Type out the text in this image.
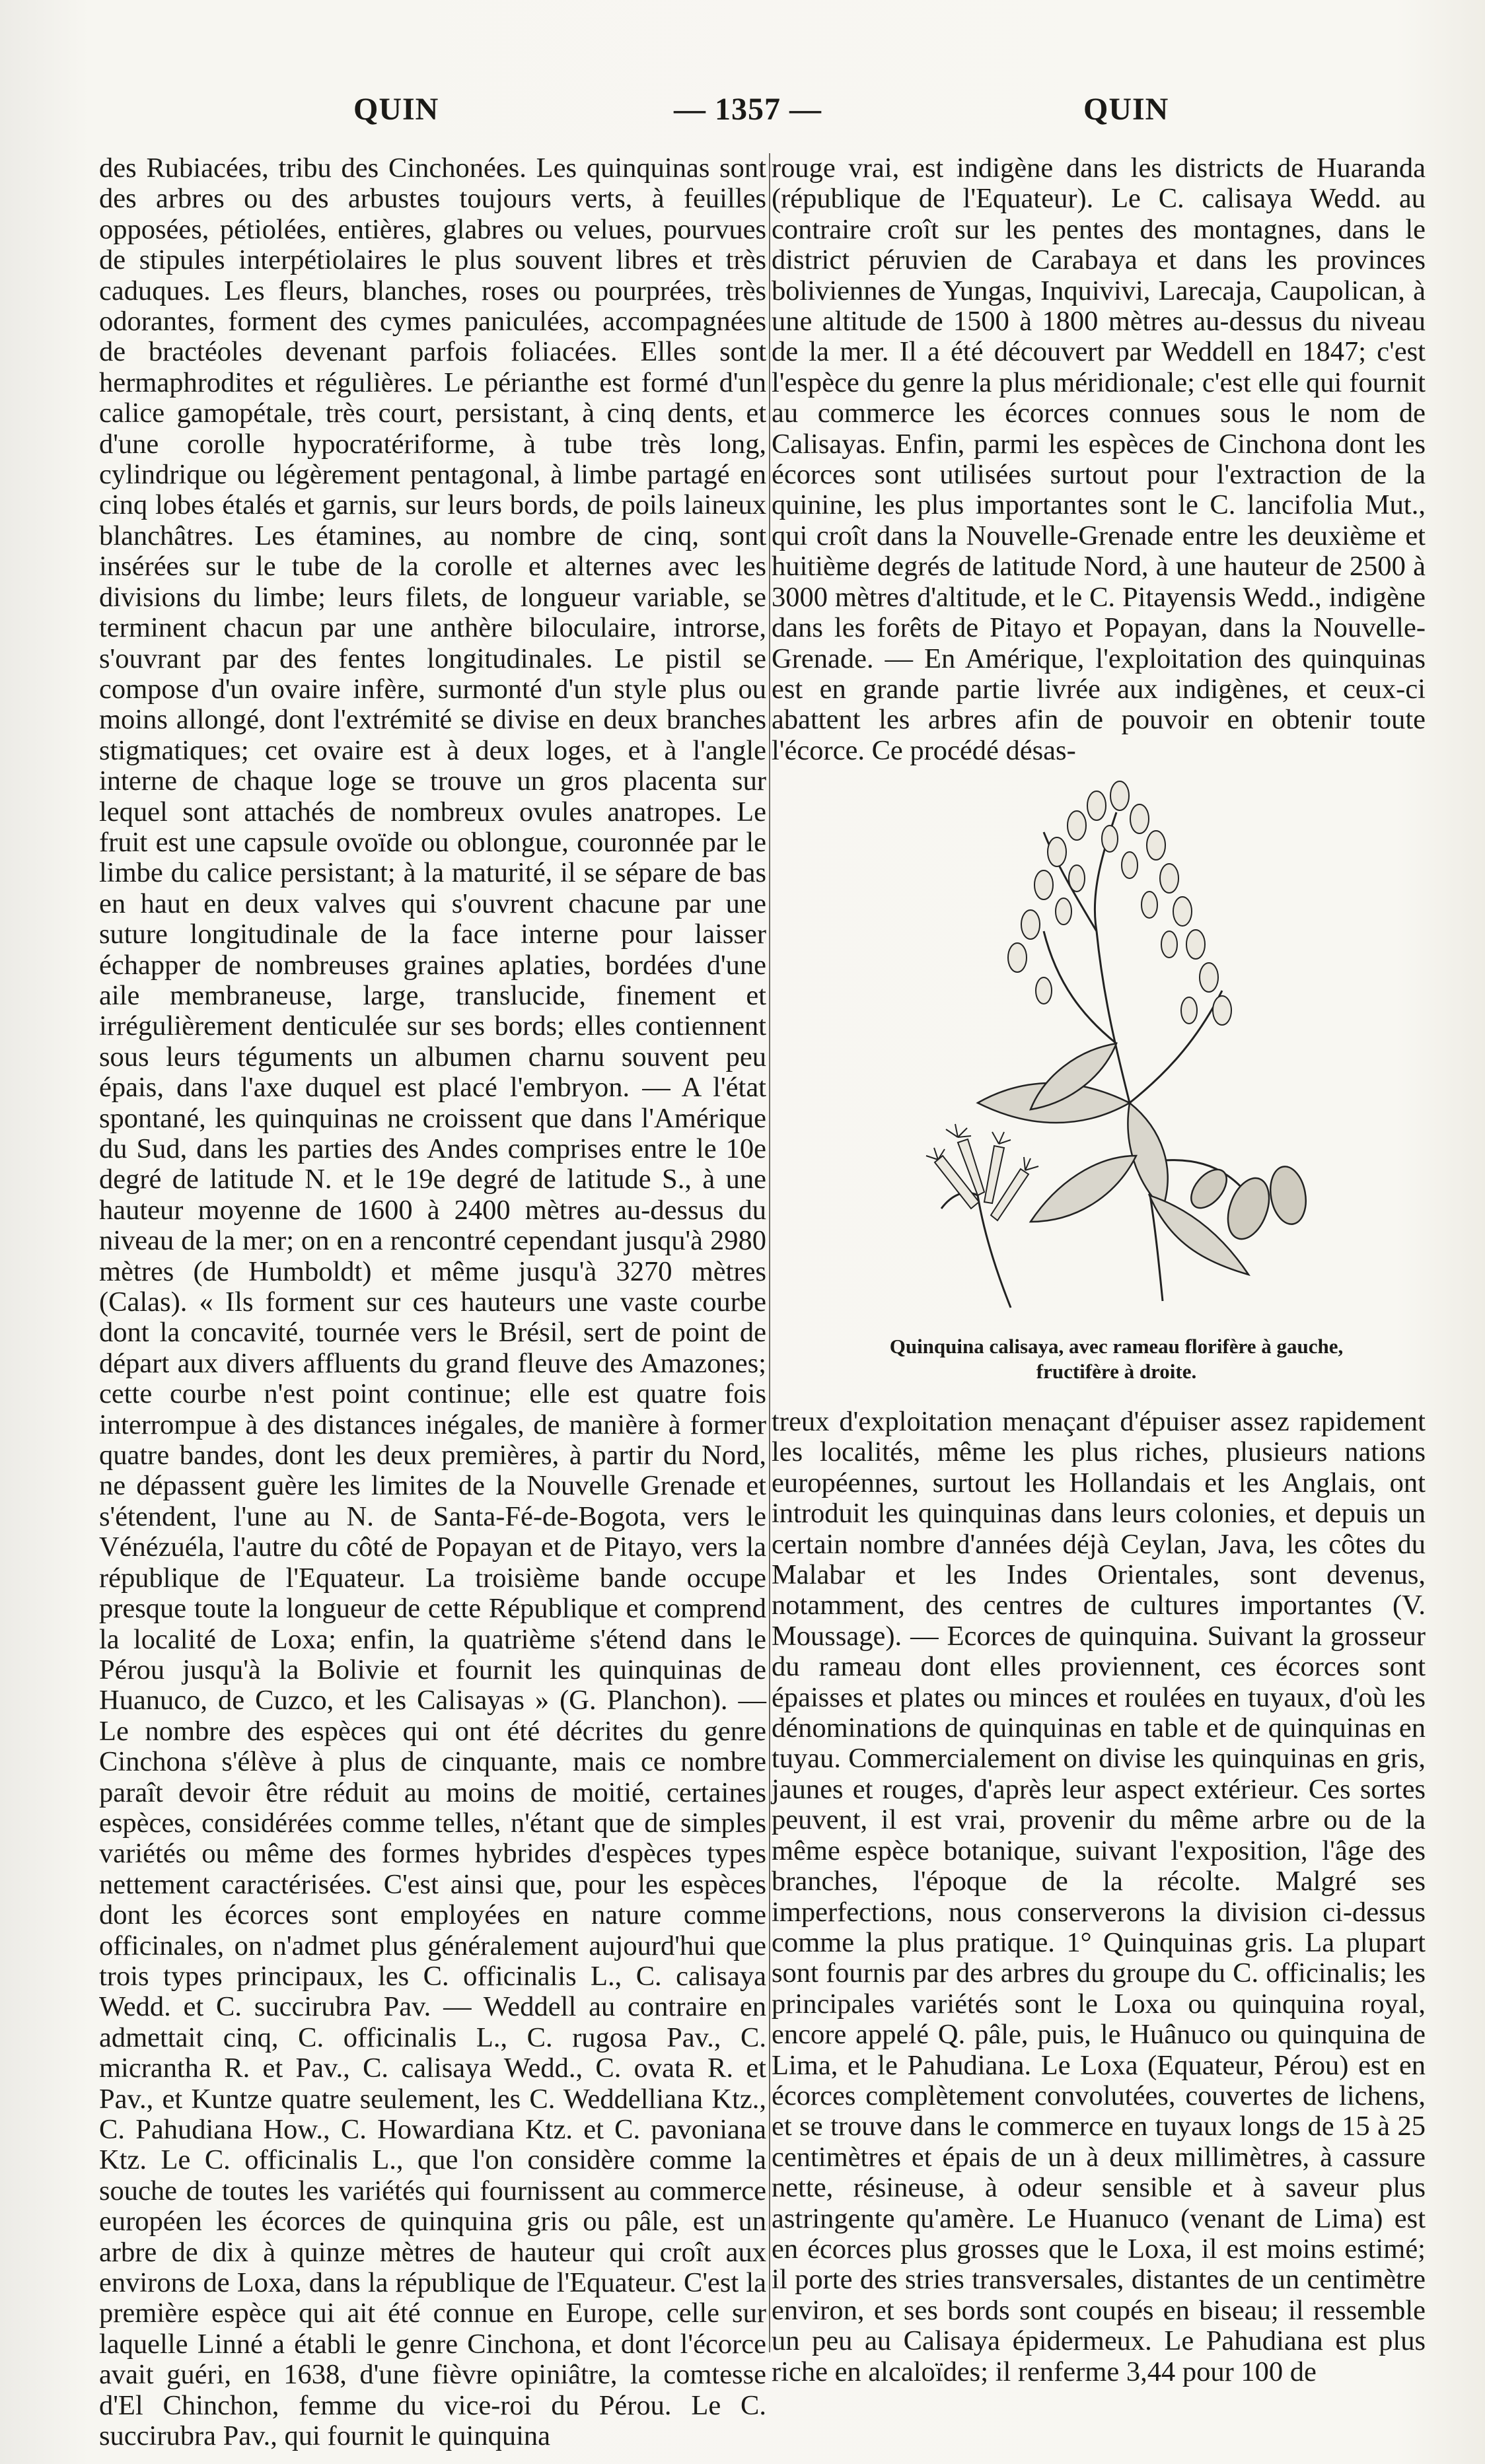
QUIN	— 1357 —	QUIN

des Rubiacées, tribu des Cinchonées. Les quinquinas sont des arbres ou des arbustes toujours verts, à feuilles opposées, pétiolées, entières, glabres ou velues, pourvues de stipules interpétiolaires le plus souvent libres et très caduques. Les fleurs, blanches, roses ou pourprées, très odorantes, forment des cymes paniculées, accompagnées de bractéoles devenant parfois foliacées. Elles sont hermaphrodites et régulières. Le périanthe est formé d'un calice gamopétale, très court, persistant, à cinq dents, et d'une corolle hypocratériforme, à tube très long, cylindrique ou légèrement pentagonal, à limbe partagé en cinq lobes étalés et garnis, sur leurs bords, de poils laineux blanchâtres. Les étamines, au nombre de cinq, sont insérées sur le tube de la corolle et alternes avec les divisions du limbe; leurs filets, de longueur variable, se terminent chacun par une anthère biloculaire, introrse, s'ouvrant par des fentes longitudinales. Le pistil se compose d'un ovaire infère, surmonté d'un style plus ou moins allongé, dont l'extrémité se divise en deux branches stigmatiques; cet ovaire est à deux loges, et à l'angle interne de chaque loge se trouve un gros placenta sur lequel sont attachés de nombreux ovules anatropes. Le fruit est une capsule ovoïde ou oblongue, couronnée par le limbe du calice persistant; à la maturité, il se sépare de bas en haut en deux valves qui s'ouvrent chacune par une suture longitudinale de la face interne pour laisser échapper de nombreuses graines aplaties, bordées d'une aile membraneuse, large, translucide, finement et irrégulièrement denticulée sur ses bords; elles contiennent sous leurs téguments un albumen charnu souvent peu épais, dans l'axe duquel est placé l'embryon. — A l'état spontané, les quinquinas ne croissent que dans l'Amérique du Sud, dans les parties des Andes comprises entre le 10e degré de latitude N. et le 19e degré de latitude S., à une hauteur moyenne de 1600 à 2400 mètres au-dessus du niveau de la mer; on en a rencontré cependant jusqu'à 2980 mètres (de Humboldt) et même jusqu'à 3270 mètres (Calas). « Ils forment sur ces hauteurs une vaste courbe dont la concavité, tournée vers le Brésil, sert de point de départ aux divers affluents du grand fleuve des Amazones; cette courbe n'est point continue; elle est quatre fois interrompue à des distances inégales, de manière à former quatre bandes, dont les deux premières, à partir du Nord, ne dépassent guère les limites de la Nouvelle Grenade et s'étendent, l'une au N. de Santa-Fé-de-Bogota, vers le Vénézuéla, l'autre du côté de Popayan et de Pitayo, vers la république de l'Equateur. La troisième bande occupe presque toute la longueur de cette République et comprend la localité de Loxa; enfin, la quatrième s'étend dans le Pérou jusqu'à la Bolivie et fournit les quinquinas de Huanuco, de Cuzco, et les Calisayas » (G. Planchon). — Le nombre des espèces qui ont été décrites du genre Cinchona s'élève à plus de cinquante, mais ce nombre paraît devoir être réduit au moins de moitié, certaines espèces, considérées comme telles, n'étant que de simples variétés ou même des formes hybrides d'espèces types nettement caractérisées. C'est ainsi que, pour les espèces dont les écorces sont employées en nature comme officinales, on n'admet plus généralement aujourd'hui que trois types principaux, les C. officinalis L., C. calisaya Wedd. et C. succirubra Pav. — Weddell au contraire en admettait cinq, C. officinalis L., C. rugosa Pav., C. micrantha R. et Pav., C. calisaya Wedd., C. ovata R. et Pav., et Kuntze quatre seulement, les C. Weddelliana Ktz., C. Pahudiana How., C. Howardiana Ktz. et C. pavoniana Ktz. Le C. officinalis L., que l'on considère comme la souche de toutes les variétés qui fournissent au commerce européen les écorces de quinquina gris ou pâle, est un arbre de dix à quinze mètres de hauteur qui croît aux environs de Loxa, dans la république de l'Equateur. C'est la première espèce qui ait été connue en Europe, celle sur laquelle Linné a établi le genre Cinchona, et dont l'écorce avait guéri, en 1638, d'une fièvre opiniâtre, la comtesse d'El Chinchon, femme du vice-roi du Pérou. Le C. succirubra Pav., qui fournit le quinquina

rouge vrai, est indigène dans les districts de Huaranda (république de l'Equateur). Le C. calisaya Wedd. au contraire croît sur les pentes des montagnes, dans le district péruvien de Carabaya et dans les provinces boliviennes de Yungas, Inquivivi, Larecaja, Caupolican, à une altitude de 1500 à 1800 mètres au-dessus du niveau de la mer. Il a été découvert par Weddell en 1847; c'est l'espèce du genre la plus méridionale; c'est elle qui fournit au commerce les écorces connues sous le nom de Calisayas. Enfin, parmi les espèces de Cinchona dont les écorces sont utilisées surtout pour l'extraction de la quinine, les plus importantes sont le C. lancifolia Mut., qui croît dans la Nouvelle-Grenade entre les deuxième et huitième degrés de latitude Nord, à une hauteur de 2500 à 3000 mètres d'altitude, et le C. Pitayensis Wedd., indigène dans les forêts de Pitayo et Popayan, dans la Nouvelle-Grenade. — En Amérique, l'exploitation des quinquinas est en grande partie livrée aux indigènes, et ceux-ci abattent les arbres afin de pouvoir en obtenir toute l'écorce. Ce procédé désas-

Quinquina calisaya, avec rameau florifère à gauche,
fructifère à droite.

treux d'exploitation menaçant d'épuiser assez rapidement les localités, même les plus riches, plusieurs nations européennes, surtout les Hollandais et les Anglais, ont introduit les quinquinas dans leurs colonies, et depuis un certain nombre d'années déjà Ceylan, Java, les côtes du Malabar et les Indes Orientales, sont devenus, notamment, des centres de cultures importantes (V. Moussage). — Ecorces de quinquina. Suivant la grosseur du rameau dont elles proviennent, ces écorces sont épaisses et plates ou minces et roulées en tuyaux, d'où les dénominations de quinquinas en table et de quinquinas en tuyau. Commercialement on divise les quinquinas en gris, jaunes et rouges, d'après leur aspect extérieur. Ces sortes peuvent, il est vrai, provenir du même arbre ou de la même espèce botanique, suivant l'exposition, l'âge des branches, l'époque de la récolte. Malgré ses imperfections, nous conserverons la division ci-dessus comme la plus pratique. 1° Quinquinas gris. La plupart sont fournis par des arbres du groupe du C. officinalis; les principales variétés sont le Loxa ou quinquina royal, encore appelé Q. pâle, puis, le Huânuco ou quinquina de Lima, et le Pahudiana. Le Loxa (Equateur, Pérou) est en écorces complètement convolutées, couvertes de lichens, et se trouve dans le commerce en tuyaux longs de 15 à 25 centimètres et épais de un à deux millimètres, à cassure nette, résineuse, à odeur sensible et à saveur plus astringente qu'amère. Le Huanuco (venant de Lima) est en écorces plus grosses que le Loxa, il est moins estimé; il porte des stries transversales, distantes de un centimètre environ, et ses bords sont coupés en biseau; il ressemble un peu au Calisaya épidermeux. Le Pahudiana est plus riche en alcaloïdes; il renferme 3,44 pour 100 de
